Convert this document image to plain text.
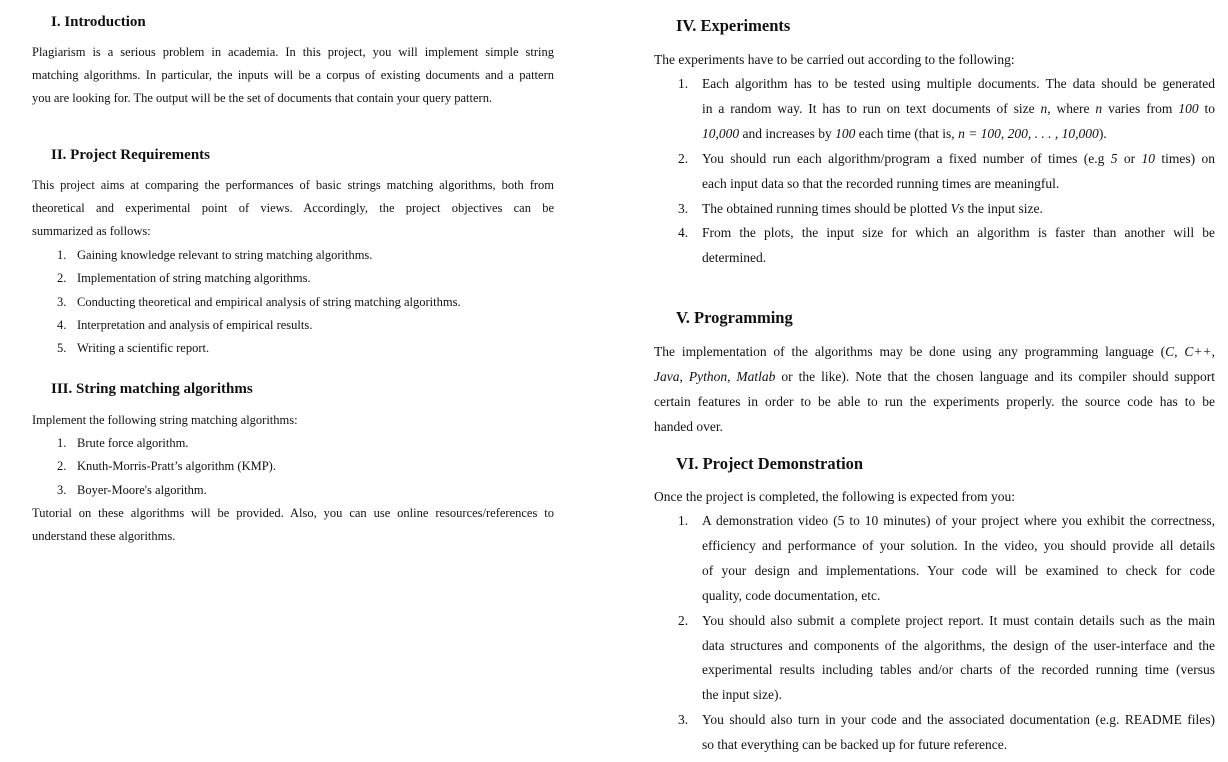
I. Introduction

Plagiarism is a serious problem in academia. In this project, you will implement simple string
matching algorithms. In particular, the inputs will be a corpus of existing documents and a pattern
you are looking for. The output will be the set of documents that contain your query pattern.

II. Project Requirements

This project aims at comparing the performances of basic strings matching algorithms, both from
theoretical and experimental point of views. Accordingly, the project objectives can be
summarized as follows:

1. Gaining knowledge relevant to string matching algorithms.
2. Implementation of string matching algorithms.
3. Conducting theoretical and empirical analysis of string matching algorithms.
4. Interpretation and analysis of empirical results.
5. Writing a scientific report.
III. String matching algorithms

Implement the following string matching algorithms:

1. Brute force algorithm.
2. Knuth-Morris-Pratt’s algorithm (KMP).
3. Boyer-Moore's algorithm.

Tutorial on these algorithms will be provided. Also, you can use online resources/references to
understand these algorithms.

IV. Experiments

The experiments have to be carried out according to the following:

1. Each algorithm has to be tested using multiple documents. The data should be generated
in a random way. It has to run on text documents of size n, where n varies from 100 to
10,000 and increases by 100 each time (that is, n = 100, 200, . . . , 10,000).
2. You should run each algorithm/program a fixed number of times (e.g 5 or 10 times) on
each input data so that the recorded running times are meaningful.
3. The obtained running times should be plotted Vs the input size.
4. From the plots, the input size for which an algorithm is faster than another will be
determined.
V. Programming

The implementation of the algorithms may be done using any programming language (C, C++,
Java, Python, Matlab or the like). Note that the chosen language and its compiler should support
certain features in order to be able to run the experiments properly. the source code has to be
handed over.

VI. Project Demonstration

Once the project is completed, the following is expected from you:

1. A demonstration video (5 to 10 minutes) of your project where you exhibit the correctness,
efficiency and performance of your solution. In the video, you should provide all details
of your design and implementations. Your code will be examined to check for code
quality, code documentation, etc.
2. You should also submit a complete project report. It must contain details such as the main
data structures and components of the algorithms, the design of the user-interface and the
experimental results including tables and/or charts of the recorded running time (versus
the input size).
3. You should also turn in your code and the associated documentation (e.g. README files)
so that everything can be backed up for future reference.
